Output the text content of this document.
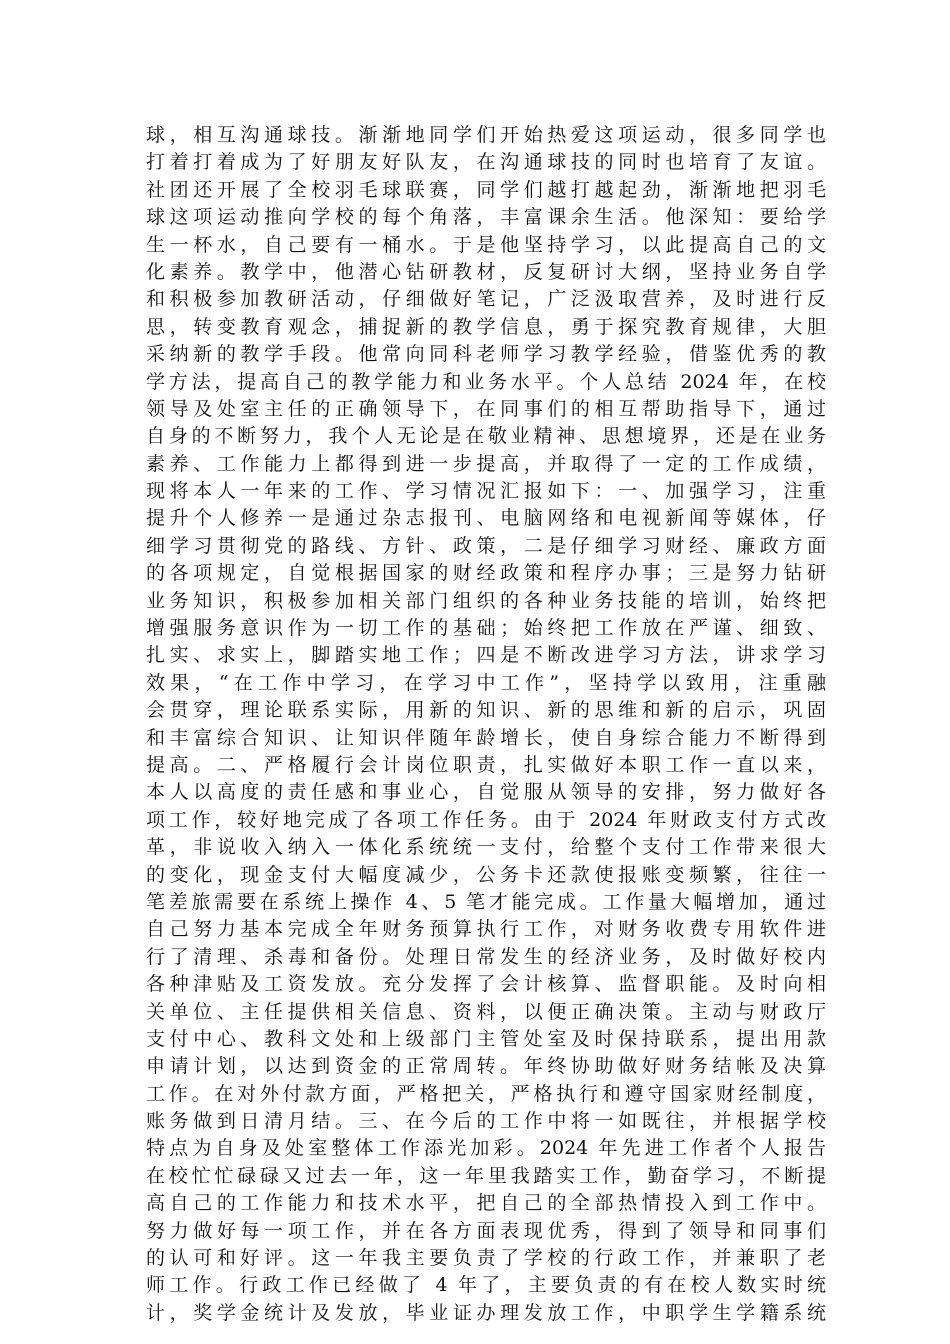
球，相互沟通球技。渐渐地同学们开始热爱这项运动，很多同学也
打着打着成为了好朋友好队友，在沟通球技的同时也培育了友谊。
社团还开展了全校羽毛球联赛，同学们越打越起劲，渐渐地把羽毛
球这项运动推向学校的每个角落，丰富课余生活。他深知：要给学
生一杯水，自己要有一桶水。于是他坚持学习，以此提高自己的文
化素养。教学中，他潜心钻研教材，反复研讨大纲，坚持业务自学
和积极参加教研活动，仔细做好笔记，广泛汲取营养，及时进行反
思，转变教育观念，捕捉新的教学信息，勇于探究教育规律，大胆
采纳新的教学手段。他常向同科老师学习教学经验，借鉴优秀的教
学方法，提高自己的教学能力和业务水平。个人总结 2024 年，在校
领导及处室主任的正确领导下，在同事们的相互帮助指导下，通过
自身的不断努力，我个人无论是在敬业精神、思想境界，还是在业务
素养、工作能力上都得到进一步提高，并取得了一定的工作成绩，
现将本人一年来的工作、学习情况汇报如下：一、加强学习，注重
提升个人修养一是通过杂志报刊、电脑网络和电视新闻等媒体，仔
细学习贯彻党的路线、方针、政策，二是仔细学习财经、廉政方面
的各项规定，自觉根据国家的财经政策和程序办事；三是努力钻研
业务知识，积极参加相关部门组织的各种业务技能的培训，始终把
增强服务意识作为一切工作的基础；始终把工作放在严谨、细致、
扎实、求实上，脚踏实地工作；四是不断改进学习方法，讲求学习
效果，“在工作中学习，在学习中工作”，坚持学以致用，注重融
会贯穿，理论联系实际，用新的知识、新的思维和新的启示，巩固
和丰富综合知识、让知识伴随年龄增长，使自身综合能力不断得到
提高。二、严格履行会计岗位职责，扎实做好本职工作一直以来，
本人以高度的责任感和事业心，自觉服从领导的安排，努力做好各
项工作，较好地完成了各项工作任务。由于 2024 年财政支付方式改
革，非说收入纳入一体化系统统一支付，给整个支付工作带来很大
的变化，现金支付大幅度减少，公务卡还款使报账变频繁，往往一
笔差旅需要在系统上操作 4、5 笔才能完成。工作量大幅增加，通过
自己努力基本完成全年财务预算执行工作，对财务收费专用软件进
行了清理、杀毒和备份。处理日常发生的经济业务，及时做好校内
各种津贴及工资发放。充分发挥了会计核算、监督职能。及时向相
关单位、主任提供相关信息、资料，以便正确决策。主动与财政厅
支付中心、教科文处和上级部门主管处室及时保持联系，提出用款
申请计划，以达到资金的正常周转。年终协助做好财务结帐及决算
工作。在对外付款方面，严格把关，严格执行和遵守国家财经制度，
账务做到日清月结。三、在今后的工作中将一如既往，并根据学校
特点为自身及处室整体工作添光加彩。2024 年先进工作者个人报告
在校忙忙碌碌又过去一年，这一年里我踏实工作，勤奋学习，不断提
高自己的工作能力和技术水平，把自己的全部热情投入到工作中。
努力做好每一项工作，并在各方面表现优秀，得到了领导和同事们
的认可和好评。这一年我主要负责了学校的行政工作，并兼职了老
师工作。行政工作已经做了 4 年了，主要负责的有在校人数实时统
计，奖学金统计及发放，毕业证办理发放工作，中职学生学籍系统
